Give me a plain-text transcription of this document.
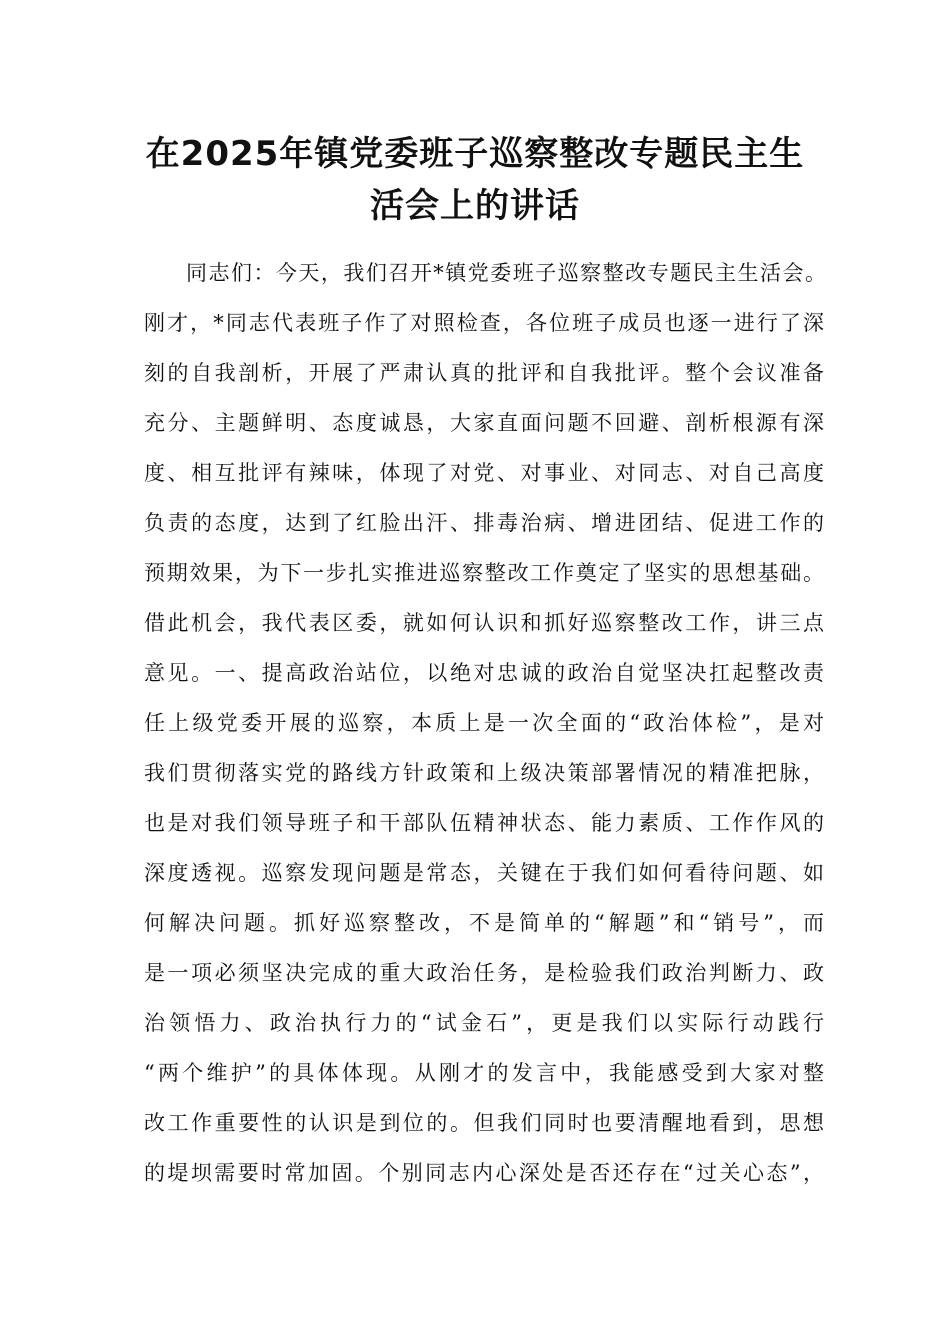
在2025年镇党委班子巡察整改专题民主生
活会上的讲话

同志们：今天，我们召开*镇党委班子巡察整改专题民主生活会。

刚才，*同志代表班子作了对照检查，各位班子成员也逐一进行了深

刻的自我剖析，开展了严肃认真的批评和自我批评。整个会议准备

充分、主题鲜明、态度诚恳，大家直面问题不回避、剖析根源有深

度、相互批评有辣味，体现了对党、对事业、对同志、对自己高度

负责的态度，达到了红脸出汗、排毒治病、增进团结、促进工作的

预期效果，为下一步扎实推进巡察整改工作奠定了坚实的思想基础。

借此机会，我代表区委，就如何认识和抓好巡察整改工作，讲三点

意见。一、提高政治站位，以绝对忠诚的政治自觉坚决扛起整改责

任上级党委开展的巡察，本质上是一次全面的“政治体检”，是对

我们贯彻落实党的路线方针政策和上级决策部署情况的精准把脉，

也是对我们领导班子和干部队伍精神状态、能力素质、工作作风的

深度透视。巡察发现问题是常态，关键在于我们如何看待问题、如

何解决问题。抓好巡察整改，不是简单的“解题”和“销号”，而

是一项必须坚决完成的重大政治任务，是检验我们政治判断力、政

治领悟力、政治执行力的“试金石”，更是我们以实际行动践行

“两个维护”的具体体现。从刚才的发言中，我能感受到大家对整

改工作重要性的认识是到位的。但我们同时也要清醒地看到，思想

的堤坝需要时常加固。个别同志内心深处是否还存在“过关心态”，
